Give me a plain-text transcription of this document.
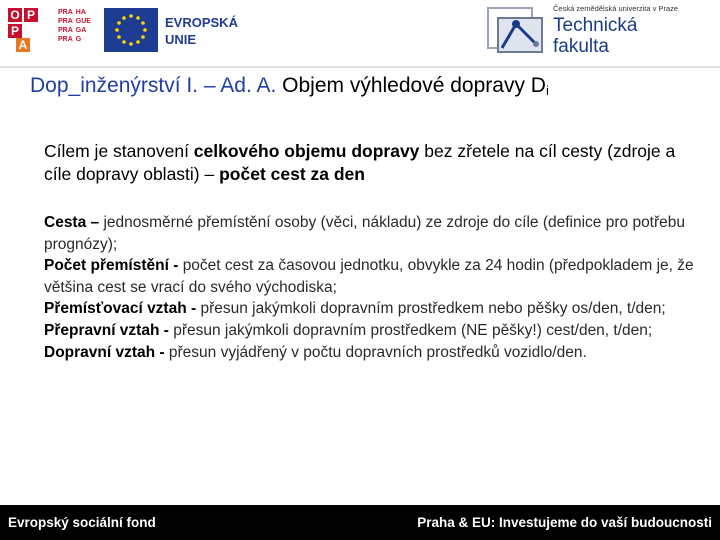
O P
P
A
PRA HA
PRA GUE
PRA GA
PRA G
EVROPSKÁ
UNIE
Česká zemědělská univerzita v Praze
Technická
fakulta
Dop_inženýrství I. – Ad. A. Objem výhledové dopravy $D_i$

Cílem je stanovení celkového objemu dopravy bez zřetele na cíl cesty (zdroje a cíle dopravy oblasti) – počet cest za den

Cesta – jednosměrné přemístění osoby (věci, nákladu) ze zdroje do cíle (definice pro potřebu prognózy);

Počet přemístění - počet cest za časovou jednotku, obvykle za 24 hodin (předpokladem je, že většina cest se vrací do svého východiska;

Přemísťovací vztah - přesun jakýmkoli dopravním prostředkem nebo pěšky os/den, t/den;

Přepravní vztah - přesun jakýmkoli dopravním prostředkem (NE pěšky!) cest/den, t/den;

Dopravní vztah - přesun vyjádřený v počtu dopravních prostředků vozidlo/den.

Evropský sociální fond	Praha & EU: Investujeme do vaší budoucnosti
